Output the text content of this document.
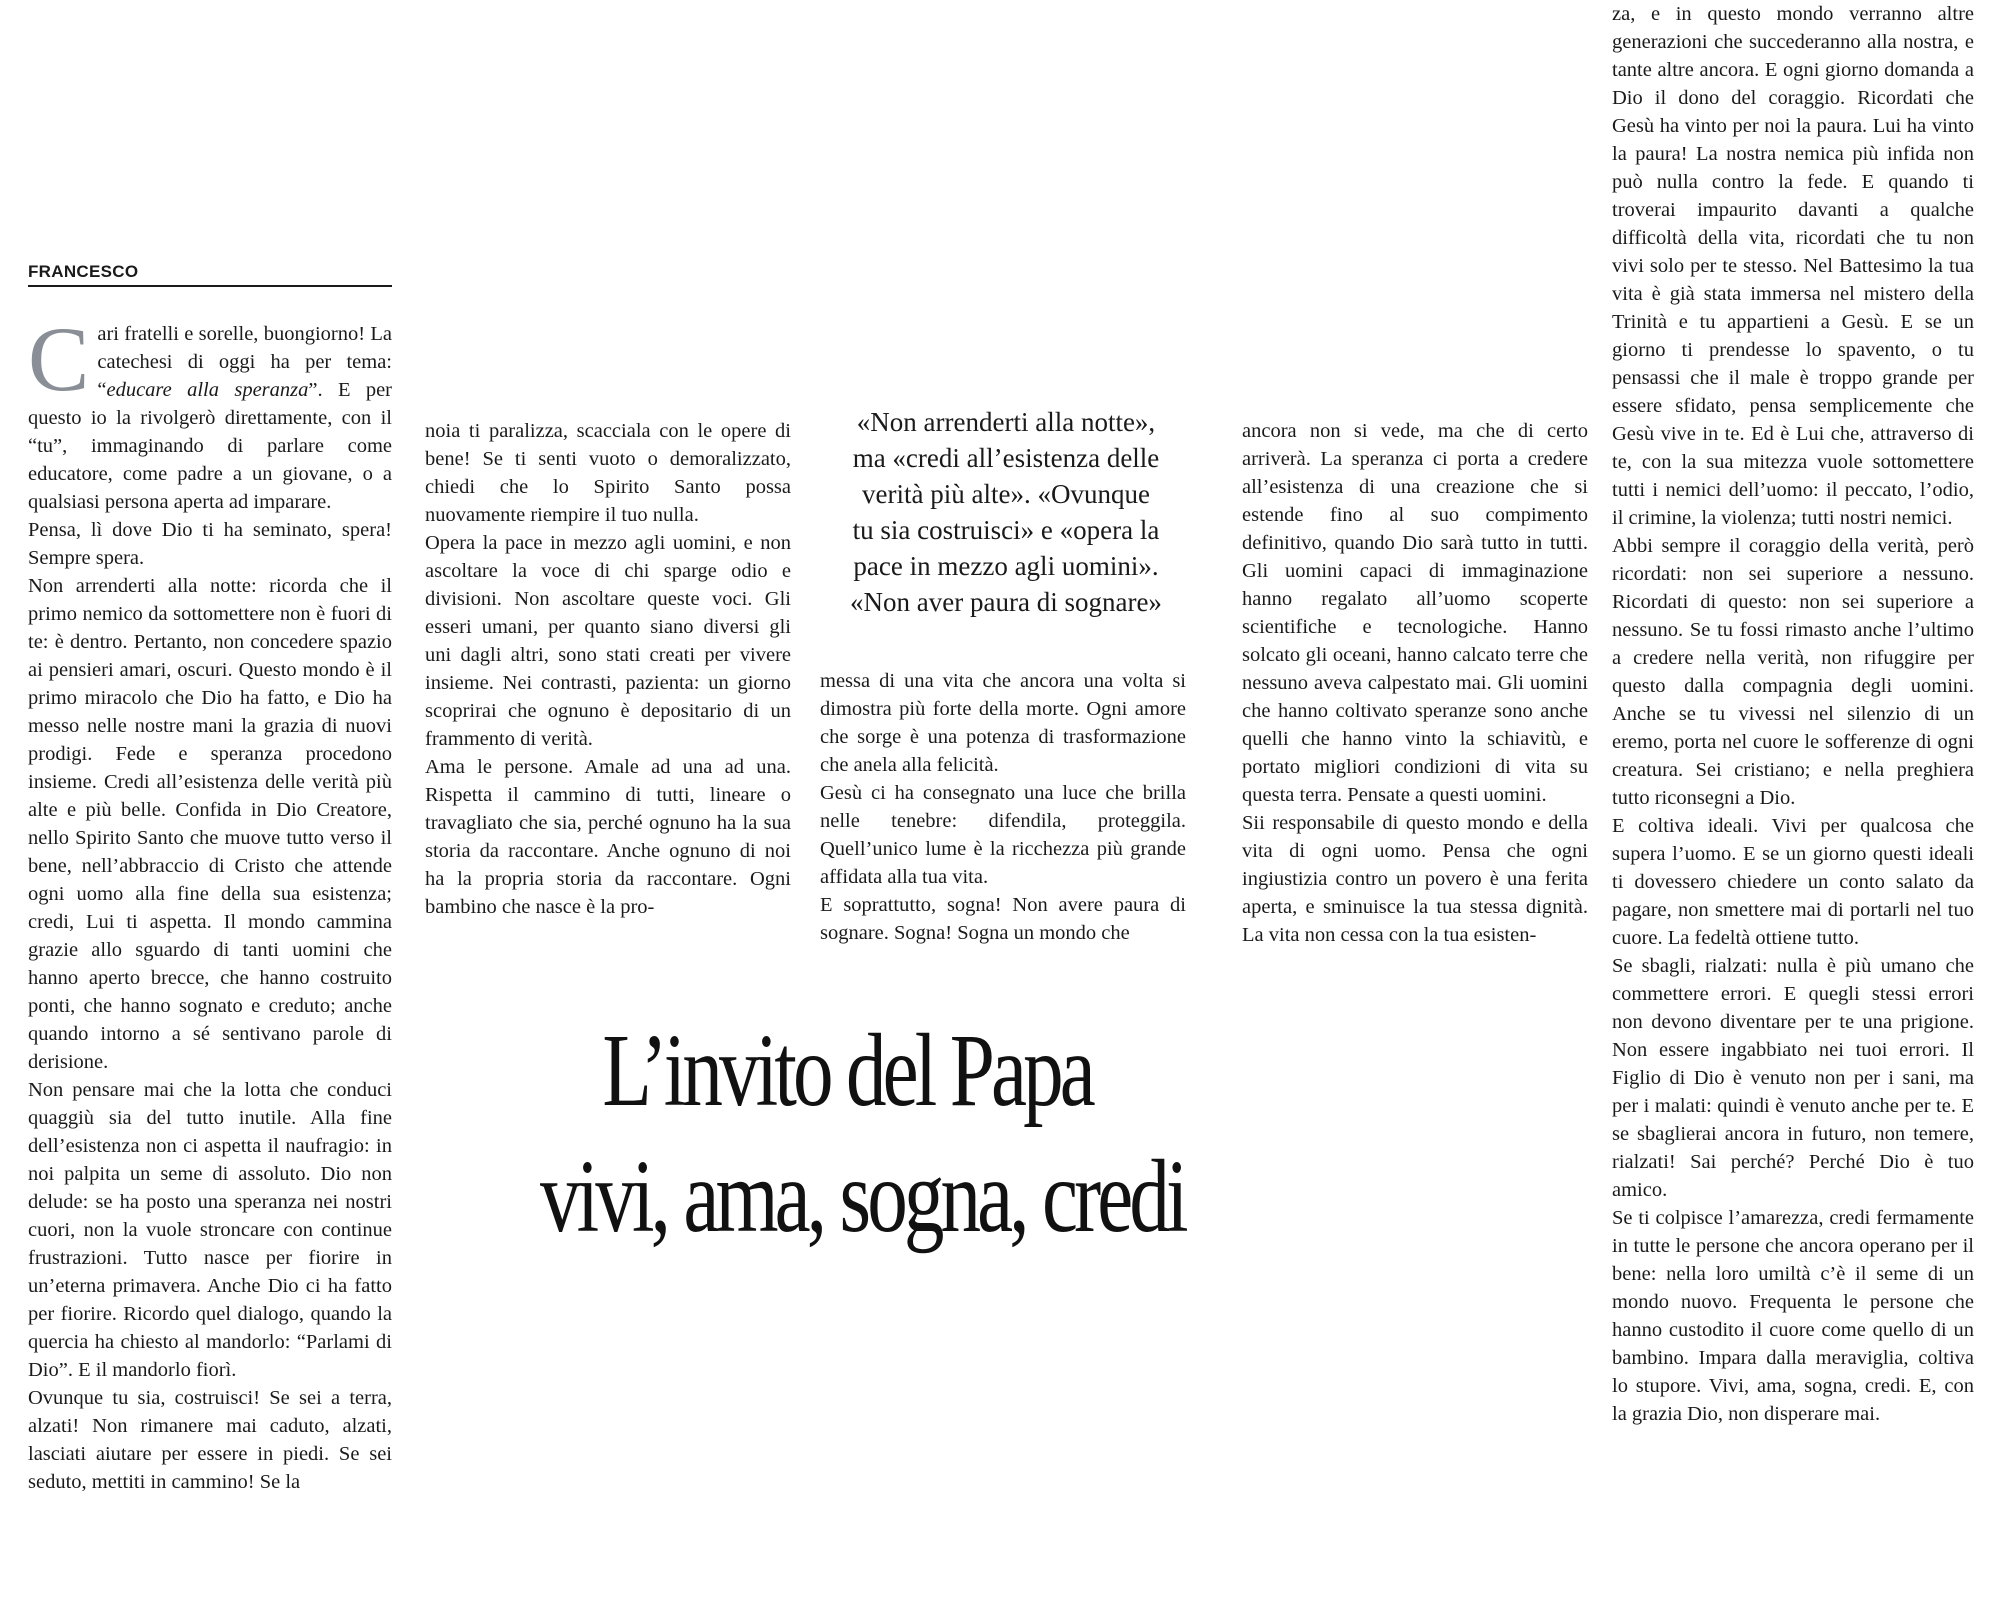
FRANCESCO

Cari fratelli e sorelle, buongiorno! La catechesi di oggi ha per tema: “educare alla speranza”. E per questo io la rivolgerò direttamente, con il “tu”, immaginando di parlare come educatore, come padre a un giovane, o a qualsiasi persona aperta ad imparare.

Pensa, lì dove Dio ti ha seminato, spera! Sempre spera.

Non arrenderti alla notte: ricorda che il primo nemico da sottomettere non è fuori di te: è dentro. Pertanto, non concedere spazio ai pensieri amari, oscuri. Questo mondo è il primo miracolo che Dio ha fatto, e Dio ha messo nelle nostre mani la grazia di nuovi prodigi. Fede e speranza procedono insieme. Credi all’esistenza delle verità più alte e più belle. Confida in Dio Creatore, nello Spirito Santo che muove tutto verso il bene, nell’abbraccio di Cristo che attende ogni uomo alla fine della sua esistenza; credi, Lui ti aspetta. Il mondo cammina grazie allo sguardo di tanti uomini che hanno aperto brecce, che hanno costruito ponti, che hanno sognato e creduto; anche quando intorno a sé sentivano parole di derisione.

Non pensare mai che la lotta che conduci quaggiù sia del tutto inutile. Alla fine dell’esistenza non ci aspetta il naufragio: in noi palpita un seme di assoluto. Dio non delude: se ha posto una speranza nei nostri cuori, non la vuole stroncare con continue frustrazioni. Tutto nasce per fiorire in un’eterna primavera. Anche Dio ci ha fatto per fiorire. Ricordo quel dialogo, quando la quercia ha chiesto al mandorlo: “Parlami di Dio”. E il mandorlo fiorì.

Ovunque tu sia, costruisci! Se sei a terra, alzati! Non rimanere mai caduto, alzati, lasciati aiutare per essere in piedi. Se sei seduto, mettiti in cammino! Se la

noia ti paralizza, scacciala con le opere di bene! Se ti senti vuoto o demoralizzato, chiedi che lo Spirito Santo possa nuovamente riempire il tuo nulla.

Opera la pace in mezzo agli uomini, e non ascoltare la voce di chi sparge odio e divisioni. Non ascoltare queste voci. Gli esseri umani, per quanto siano diversi gli uni dagli altri, sono stati creati per vivere insieme. Nei contrasti, pazienta: un giorno scoprirai che ognuno è depositario di un frammento di verità.

Ama le persone. Amale ad una ad una. Rispetta il cammino di tutti, lineare o travagliato che sia, perché ognuno ha la sua storia da raccontare. Anche ognuno di noi ha la propria storia da raccontare. Ogni bambino che nasce è la pro-

«Non arrenderti alla notte»,
ma «credi all’esistenza delle
verità più alte». «Ovunque
tu sia costruisci» e «opera la
pace in mezzo agli uomini».
«Non aver paura di sognare»

messa di una vita che ancora una volta si dimostra più forte della morte. Ogni amore che sorge è una potenza di trasformazione che anela alla felicità.

Gesù ci ha consegnato una luce che brilla nelle tenebre: difendila, proteggila. Quell’unico lume è la ricchezza più grande affidata alla tua vita.

E soprattutto, sogna! Non avere paura di sognare. Sogna! Sogna un mondo che

ancora non si vede, ma che di certo arriverà. La speranza ci porta a credere all’esistenza di una creazione che si estende fino al suo compimento definitivo, quando Dio sarà tutto in tutti. Gli uomini capaci di immaginazione hanno regalato all’uomo scoperte scientifiche e tecnologiche. Hanno solcato gli oceani, hanno calcato terre che nessuno aveva calpestato mai. Gli uomini che hanno coltivato speranze sono anche quelli che hanno vinto la schiavitù, e portato migliori condizioni di vita su questa terra. Pensate a questi uomini.

Sii responsabile di questo mondo e della vita di ogni uomo. Pensa che ogni ingiustizia contro un povero è una ferita aperta, e sminuisce la tua stessa dignità. La vita non cessa con la tua esisten-

za, e in questo mondo verranno altre generazioni che succederanno alla nostra, e tante altre ancora. E ogni giorno domanda a Dio il dono del coraggio. Ricordati che Gesù ha vinto per noi la paura. Lui ha vinto la paura! La nostra nemica più infida non può nulla contro la fede. E quando ti troverai impaurito davanti a qualche difficoltà della vita, ricordati che tu non vivi solo per te stesso. Nel Battesimo la tua vita è già stata immersa nel mistero della Trinità e tu appartieni a Gesù. E se un giorno ti prendesse lo spavento, o tu pensassi che il male è troppo grande per essere sfidato, pensa semplicemente che Gesù vive in te. Ed è Lui che, attraverso di te, con la sua mitezza vuole sottomettere tutti i nemici dell’uomo: il peccato, l’odio, il crimine, la violenza; tutti nostri nemici.

Abbi sempre il coraggio della verità, però ricordati: non sei superiore a nessuno. Ricordati di questo: non sei superiore a nessuno. Se tu fossi rimasto anche l’ultimo a credere nella verità, non rifuggire per questo dalla compagnia degli uomini. Anche se tu vivessi nel silenzio di un eremo, porta nel cuore le sofferenze di ogni creatura. Sei cristiano; e nella preghiera tutto riconsegni a Dio.

E coltiva ideali. Vivi per qualcosa che supera l’uomo. E se un giorno questi ideali ti dovessero chiedere un conto salato da pagare, non smettere mai di portarli nel tuo cuore. La fedeltà ottiene tutto.

Se sbagli, rialzati: nulla è più umano che commettere errori. E quegli stessi errori non devono diventare per te una prigione. Non essere ingabbiato nei tuoi errori. Il Figlio di Dio è venuto non per i sani, ma per i malati: quindi è venuto anche per te. E se sbaglierai ancora in futuro, non temere, rialzati! Sai perché? Perché Dio è tuo amico.

Se ti colpisce l’amarezza, credi fermamente in tutte le persone che ancora operano per il bene: nella loro umiltà c’è il seme di un mondo nuovo. Frequenta le persone che hanno custodito il cuore come quello di un bambino. Impara dalla meraviglia, coltiva lo stupore. Vivi, ama, sogna, credi. E, con la grazia Dio, non disperare mai.

L’invito del Papa
vivi, ama, sogna, credi
